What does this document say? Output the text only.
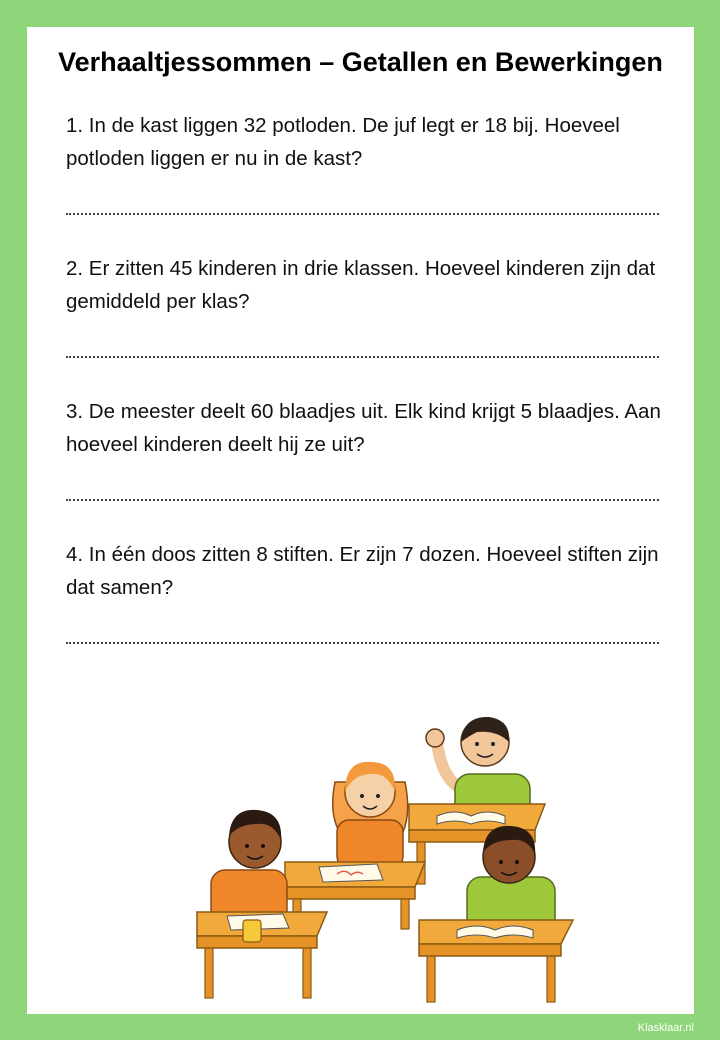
Verhaaltjessommen – Getallen en Bewerkingen

1. In de kast liggen 32 potloden. De juf legt er 18 bij. Hoeveel potloden liggen er nu in de kast?

2. Er zitten 45 kinderen in drie klassen. Hoeveel kinderen zijn dat gemiddeld per klas?

3. De meester deelt 60 blaadjes uit. Elk kind krijgt 5 blaadjes. Aan hoeveel kinderen deelt hij ze uit?

4. In één doos zitten 8 stiften. Er zijn 7 dozen. Hoeveel stiften zijn dat samen?

Klasklaar.nl
